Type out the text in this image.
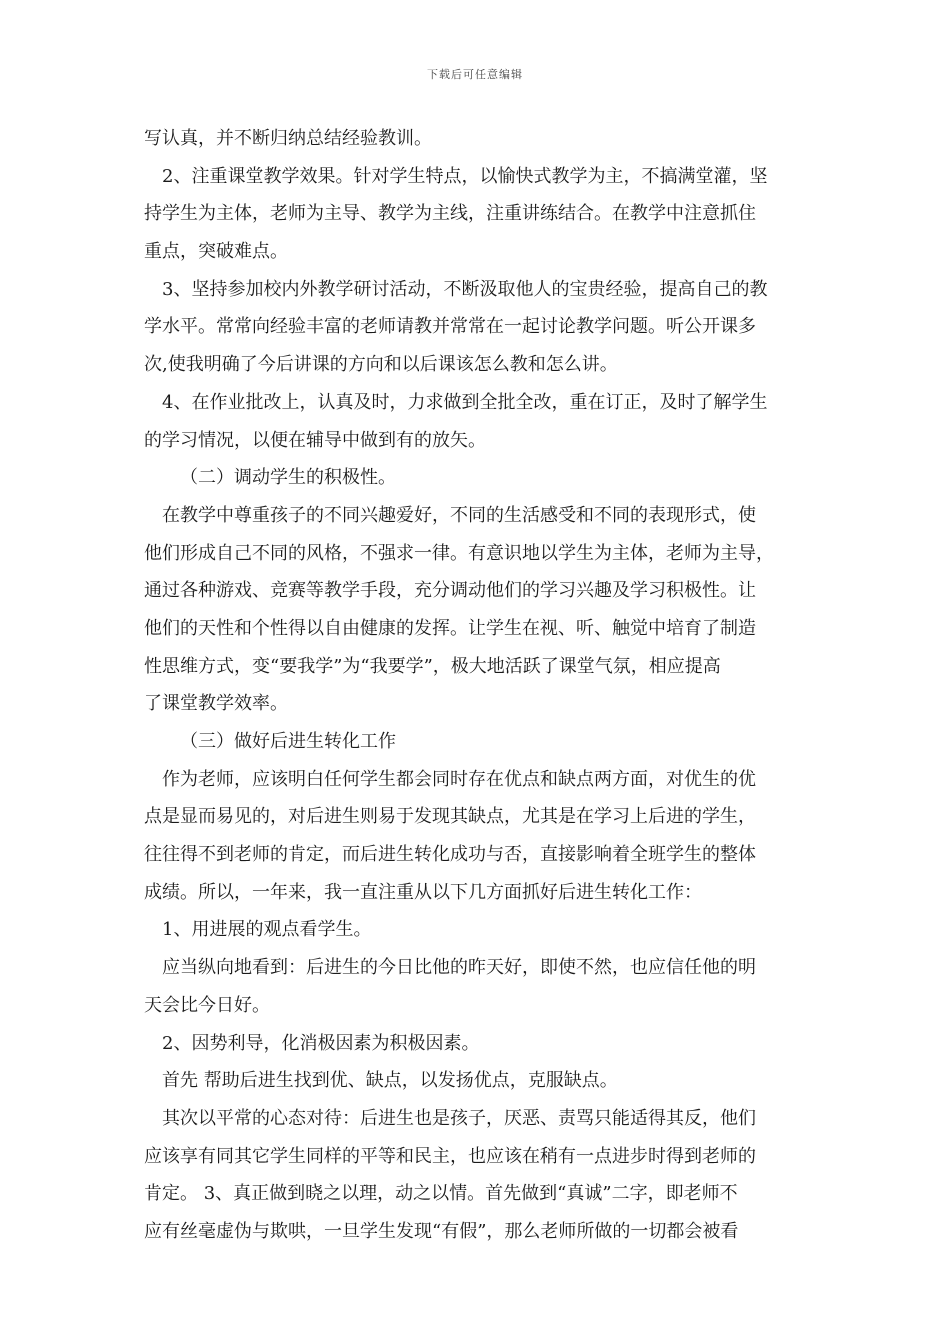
下载后可任意编辑
写认真，并不断归纳总结经验教训。
2、注重课堂教学效果。针对学生特点，以愉快式教学为主，不搞满堂灌，坚
持学生为主体，老师为主导、教学为主线，注重讲练结合。在教学中注意抓住
重点，突破难点。
3、坚持参加校内外教学研讨活动，不断汲取他人的宝贵经验，提高自己的教
学水平。常常向经验丰富的老师请教并常常在一起讨论教学问题。听公开课多
次,使我明确了今后讲课的方向和以后课该怎么教和怎么讲。
4、在作业批改上，认真及时，力求做到全批全改，重在订正，及时了解学生
的学习情况，以便在辅导中做到有的放矢。
（二）调动学生的积极性。
在教学中尊重孩子的不同兴趣爱好，不同的生活感受和不同的表现形式，使
他们形成自己不同的风格，不强求一律。有意识地以学生为主体，老师为主导，
通过各种游戏、竞赛等教学手段，充分调动他们的学习兴趣及学习积极性。让
他们的天性和个性得以自由健康的发挥。让学生在视、听、触觉中培育了制造
性思维方式，变“要我学”为“我要学”，极大地活跃了课堂气氛，相应提高
了课堂教学效率。
（三）做好后进生转化工作
作为老师，应该明白任何学生都会同时存在优点和缺点两方面，对优生的优
点是显而易见的，对后进生则易于发现其缺点，尤其是在学习上后进的学生，
往往得不到老师的肯定，而后进生转化成功与否，直接影响着全班学生的整体
成绩。所以，一年来，我一直注重从以下几方面抓好后进生转化工作：
1、用进展的观点看学生。
应当纵向地看到：后进生的今日比他的昨天好，即使不然，也应信任他的明
天会比今日好。
2、因势利导，化消极因素为积极因素。
首先 帮助后进生找到优、缺点，以发扬优点，克服缺点。
其次以平常的心态对待：后进生也是孩子，厌恶、责骂只能适得其反，他们
应该享有同其它学生同样的平等和民主，也应该在稍有一点进步时得到老师的
肯定。 3、真正做到晓之以理，动之以情。首先做到“真诚”二字，即老师不
应有丝毫虚伪与欺哄，一旦学生发现“有假”，那么老师所做的一切都会被看
